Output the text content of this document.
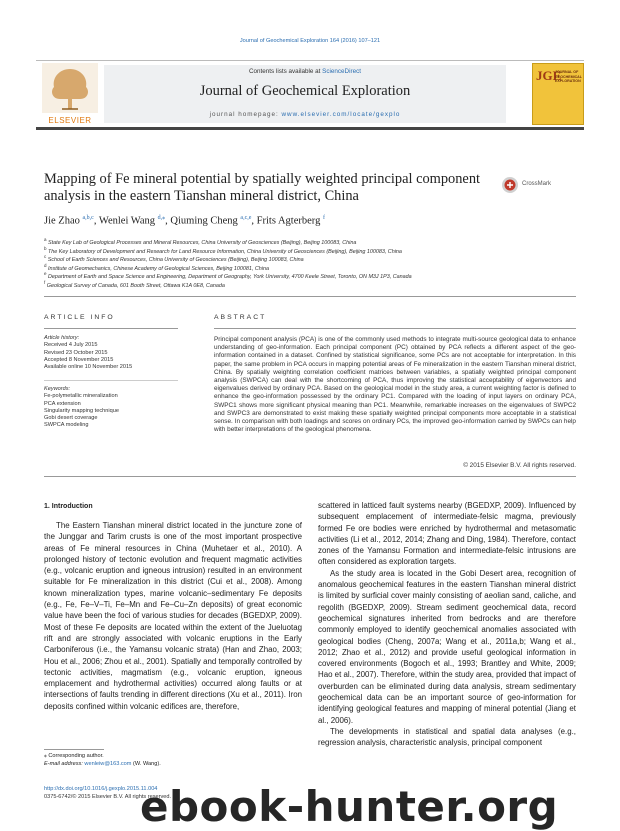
Journal of Geochemical Exploration 164 (2016) 107–121
ELSEVIER
Contents lists available at ScienceDirect
Journal of Geochemical Exploration
journal homepage: www.elsevier.com/locate/gexplo
JGE
JOURNAL OF GEOCHEMICAL EXPLORATION
Mapping of Fe mineral potential by spatially weighted principal component analysis in the eastern Tianshan mineral district, China
CrossMark
Jie Zhao $^{a,b,c}$, Wenlei Wang $^{d,⁎}$, Qiuming Cheng $^{a,c,e}$, Frits Agterberg $^f$
$^a$ State Key Lab of Geological Processes and Mineral Resources, China University of Geosciences (Beijing), Beijing 100083, China
$^b$ The Key Laboratory of Development and Research for Land Resource Information, China University of Geosciences (Beijing), Beijing 100083, China
$^c$ School of Earth Sciences and Resources, China University of Geosciences (Beijing), Beijing 100083, China
$^d$ Institute of Geomechanics, Chinese Academy of Geological Sciences, Beijing 100081, China
$^e$ Department of Earth and Space Science and Engineering, Department of Geography, York University, 4700 Keele Street, Toronto, ON M3J 1P3, Canada
$^f$ Geological Survey of Canada, 601 Booth Street, Ottawa K1A 0E8, Canada
ARTICLE INFO	ABSTRACT
Article history:
Received 4 July 2015
Revised 23 October 2015
Accepted 8 November 2015
Available online 10 November 2015
Keywords:
Fe-polymetallic mineralization
PCA extension
Singularity mapping technique
Gobi desert coverage
SWPCA modeling
Principal component analysis (PCA) is one of the commonly used methods to integrate multi-source geological data to enhance understanding of geo-information. Each principal component (PC) obtained by PCA reflects a different aspect of the geo-information contained in a dataset. Confined by statistical significance, some PCs are not acceptable for interpretation. In this paper, the same problem in PCA occurs in mapping potential areas of Fe mineralization in the eastern Tianshan mineral district, China. By spatially weighting correlation coefficient matrices between variables, a spatially weighted principal component analysis (SWPCA) can deal with the shortcoming of PCA, thus improving the statistical acceptability of eigenvectors and eigenvalues derived by ordinary PCA. Based on the geological model in the study area, a current weighting factor is defined to enhance the geo-information possessed by the ordinary PC1. Compared with the loading of input layers on ordinary PCA, SWPC1 shows more significant physical meaning than PC1. Meanwhile, remarkable increases on the eigenvalues of SWPC2 and SWPC3 are demonstrated to exist making these spatially weighted principal components more acceptable in a statistical sense. In comparison with both loadings and scores on ordinary PCs, the improved geo-information carried by SWPCs can help with better interpretations of the geological phenomena.
© 2015 Elsevier B.V. All rights reserved.
1. Introduction
The Eastern Tianshan mineral district located in the juncture zone of the Junggar and Tarim crusts is one of the most important prospective areas of Fe mineral resources in China (Muhetaer et al., 2010). A prolonged history of tectonic evolution and frequent magmatic activities (e.g., volcanic eruption and igneous intrusion) resulted in an environment suitable for Fe mineralization in this district (Cui et al., 2008). Among known mineralization types, marine volcanic–sedimentary Fe deposits (e.g., Fe, Fe–V–Ti, Fe–Mn and Fe–Cu–Zn deposits) of great economic value have been the foci of various studies for decades (BGEDXP, 2009). Most of these Fe deposits are located within the extent of the Jueluotag rift and are strongly associated with volcanic eruptions in the Early Carboniferous (i.e., the Yamansu volcanic strata) (Han and Zhao, 2003; Hou et al., 2006; Zhou et al., 2001). Spatially and temporally controlled by tectonic activities, magmatism (e.g., volcanic eruption, igneous emplacement and hydrothermal activities) occurred along faults or at intersections of faults trending in different directions (Xu et al., 2011). Iron deposits confined within volcanic edifices are, therefore,
scattered in latticed fault systems nearby (BGEDXP, 2009). Influenced by subsequent emplacement of intermediate-felsic magma, previously formed Fe ore bodies were enriched by hydrothermal and metasomatic activities (Li et al., 2012, 2014; Zhang and Ding, 1984). Therefore, contact zones of the Yamansu Formation and intermediate-felsic intrusions are often considered as exploration targets.
As the study area is located in the Gobi Desert area, recognition of anomalous geochemical features in the eastern Tianshan mineral district is limited by surficial cover mainly consisting of aeolian sand, caliche, and regolith (BGEDXP, 2009). Stream sediment geochemical data, record geochemical signatures inherited from bedrocks and are therefore commonly employed to identify geochemical anomalies associated with geological bodies (Cheng, 2007a; Wang et al., 2011a,b; Wang et al., 2012; Zhao et al., 2012) and provide useful geological information in covered environments (Bogoch et al., 1993; Brantley and White, 2009; Hao et al., 2007). Therefore, within the study area, provided that impact of overburden can be eliminated during data analysis, stream sedimentary geochemical data can be an important source of geo-information for identifying geological features and mapping of mineral potential (Jiang et al., 2006).
The developments in statistical and spatial data analyses (e.g., regression analysis, characteristic analysis, principal component
⁎ Corresponding author.
E-mail address: wenleiw@163.com (W. Wang).
http://dx.doi.org/10.1016/j.gexplo.2015.11.004
0375-6742/© 2015 Elsevier B.V. All rights reserved.
ebook-hunter.org
